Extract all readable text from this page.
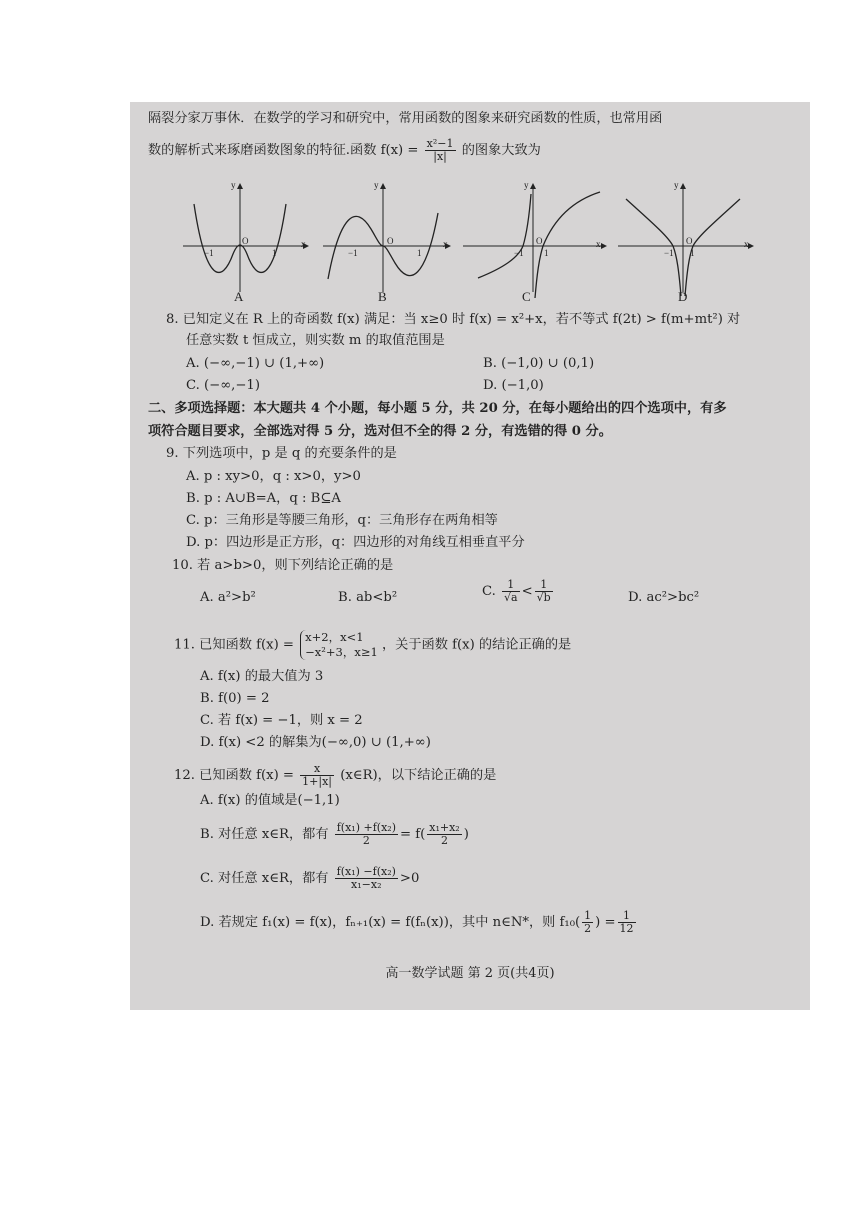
隔裂分家万事休．在数学的学习和研究中，常用函数的图象来研究函数的性质，也常用函
数的解析式来琢磨函数图象的特征.函数 $f(x) = \frac{\text{x²−1}}{|x|}$ 的图象大致为
A	B	C	D
y
x
O
−1	1
y
x
O
−1	1
y
x
O
−1 1
y
x
O
−1 1
8. 已知定义在 R 上的奇函数 f(x) 满足：当 x≥0 时 f(x) = x²+x，若不等式 f(2t) > f(m+mt²) 对
任意实数 t 恒成立，则实数 m 的取值范围是
A. (−∞,−1) ∪ (1,+∞)	B. (−1,0) ∪ (0,1)
C. (−∞,−1)	D. (−1,0)
二、多项选择题：本大题共 4 个小题，每小题 5 分，共 20 分，在每小题给出的四个选项中，有多
项符合题目要求，全部选对得 5 分，选对但不全的得 2 分，有选错的得 0 分。
9. 下列选项中，p 是 q 的充要条件的是
A. p : xy>0，q : x>0，y>0
B. p : A∪B=A，q : B⊆A
C. p：三角形是等腰三角形，q：三角形存在两角相等
D. p：四边形是正方形，q：四边形的对角线互相垂直平分
10. 若 a>b>0，则下列结论正确的是
A. a²>b²	B. ab<b²	C. $\frac{1}{√a} < \frac{1}{√b}$	D. ac²>bc²
11. 已知函数 f(x) =
x+2，x<1
−x²+3，x≥1 ，关于函数 f(x) 的结论正确的是
A. f(x) 的最大值为 3
B. f(0) = 2
C. 若 f(x) = −1，则 x = 2
D. f(x) <2 的解集为(−∞,0) ∪ (1,+∞)
12. 已知函数 $f(x) = \frac{x}{1+|x|}$ (x∈R)，以下结论正确的是
A. f(x) 的值域是(−1,1)
B. 对任意 x∈R，都有 $\frac{\text{f(x₁) +f(x₂)}}{2} = f( \frac{\text{x₁+x₂}}{2}$ )
C. 对任意 x∈R，都有 $\frac{\text{f(x₁) −f(x₂)}}{\text{x₁−x₂}} >0$
D. 若规定 f₁(x) = f(x)，fₙ₊₁(x) = f(fₙ(x))，其中 n∈N*，则 $f_{10}( \frac{1}{2}$ ) = $\frac{1}{12}$
高一数学试题 第 2 页(共4页)
